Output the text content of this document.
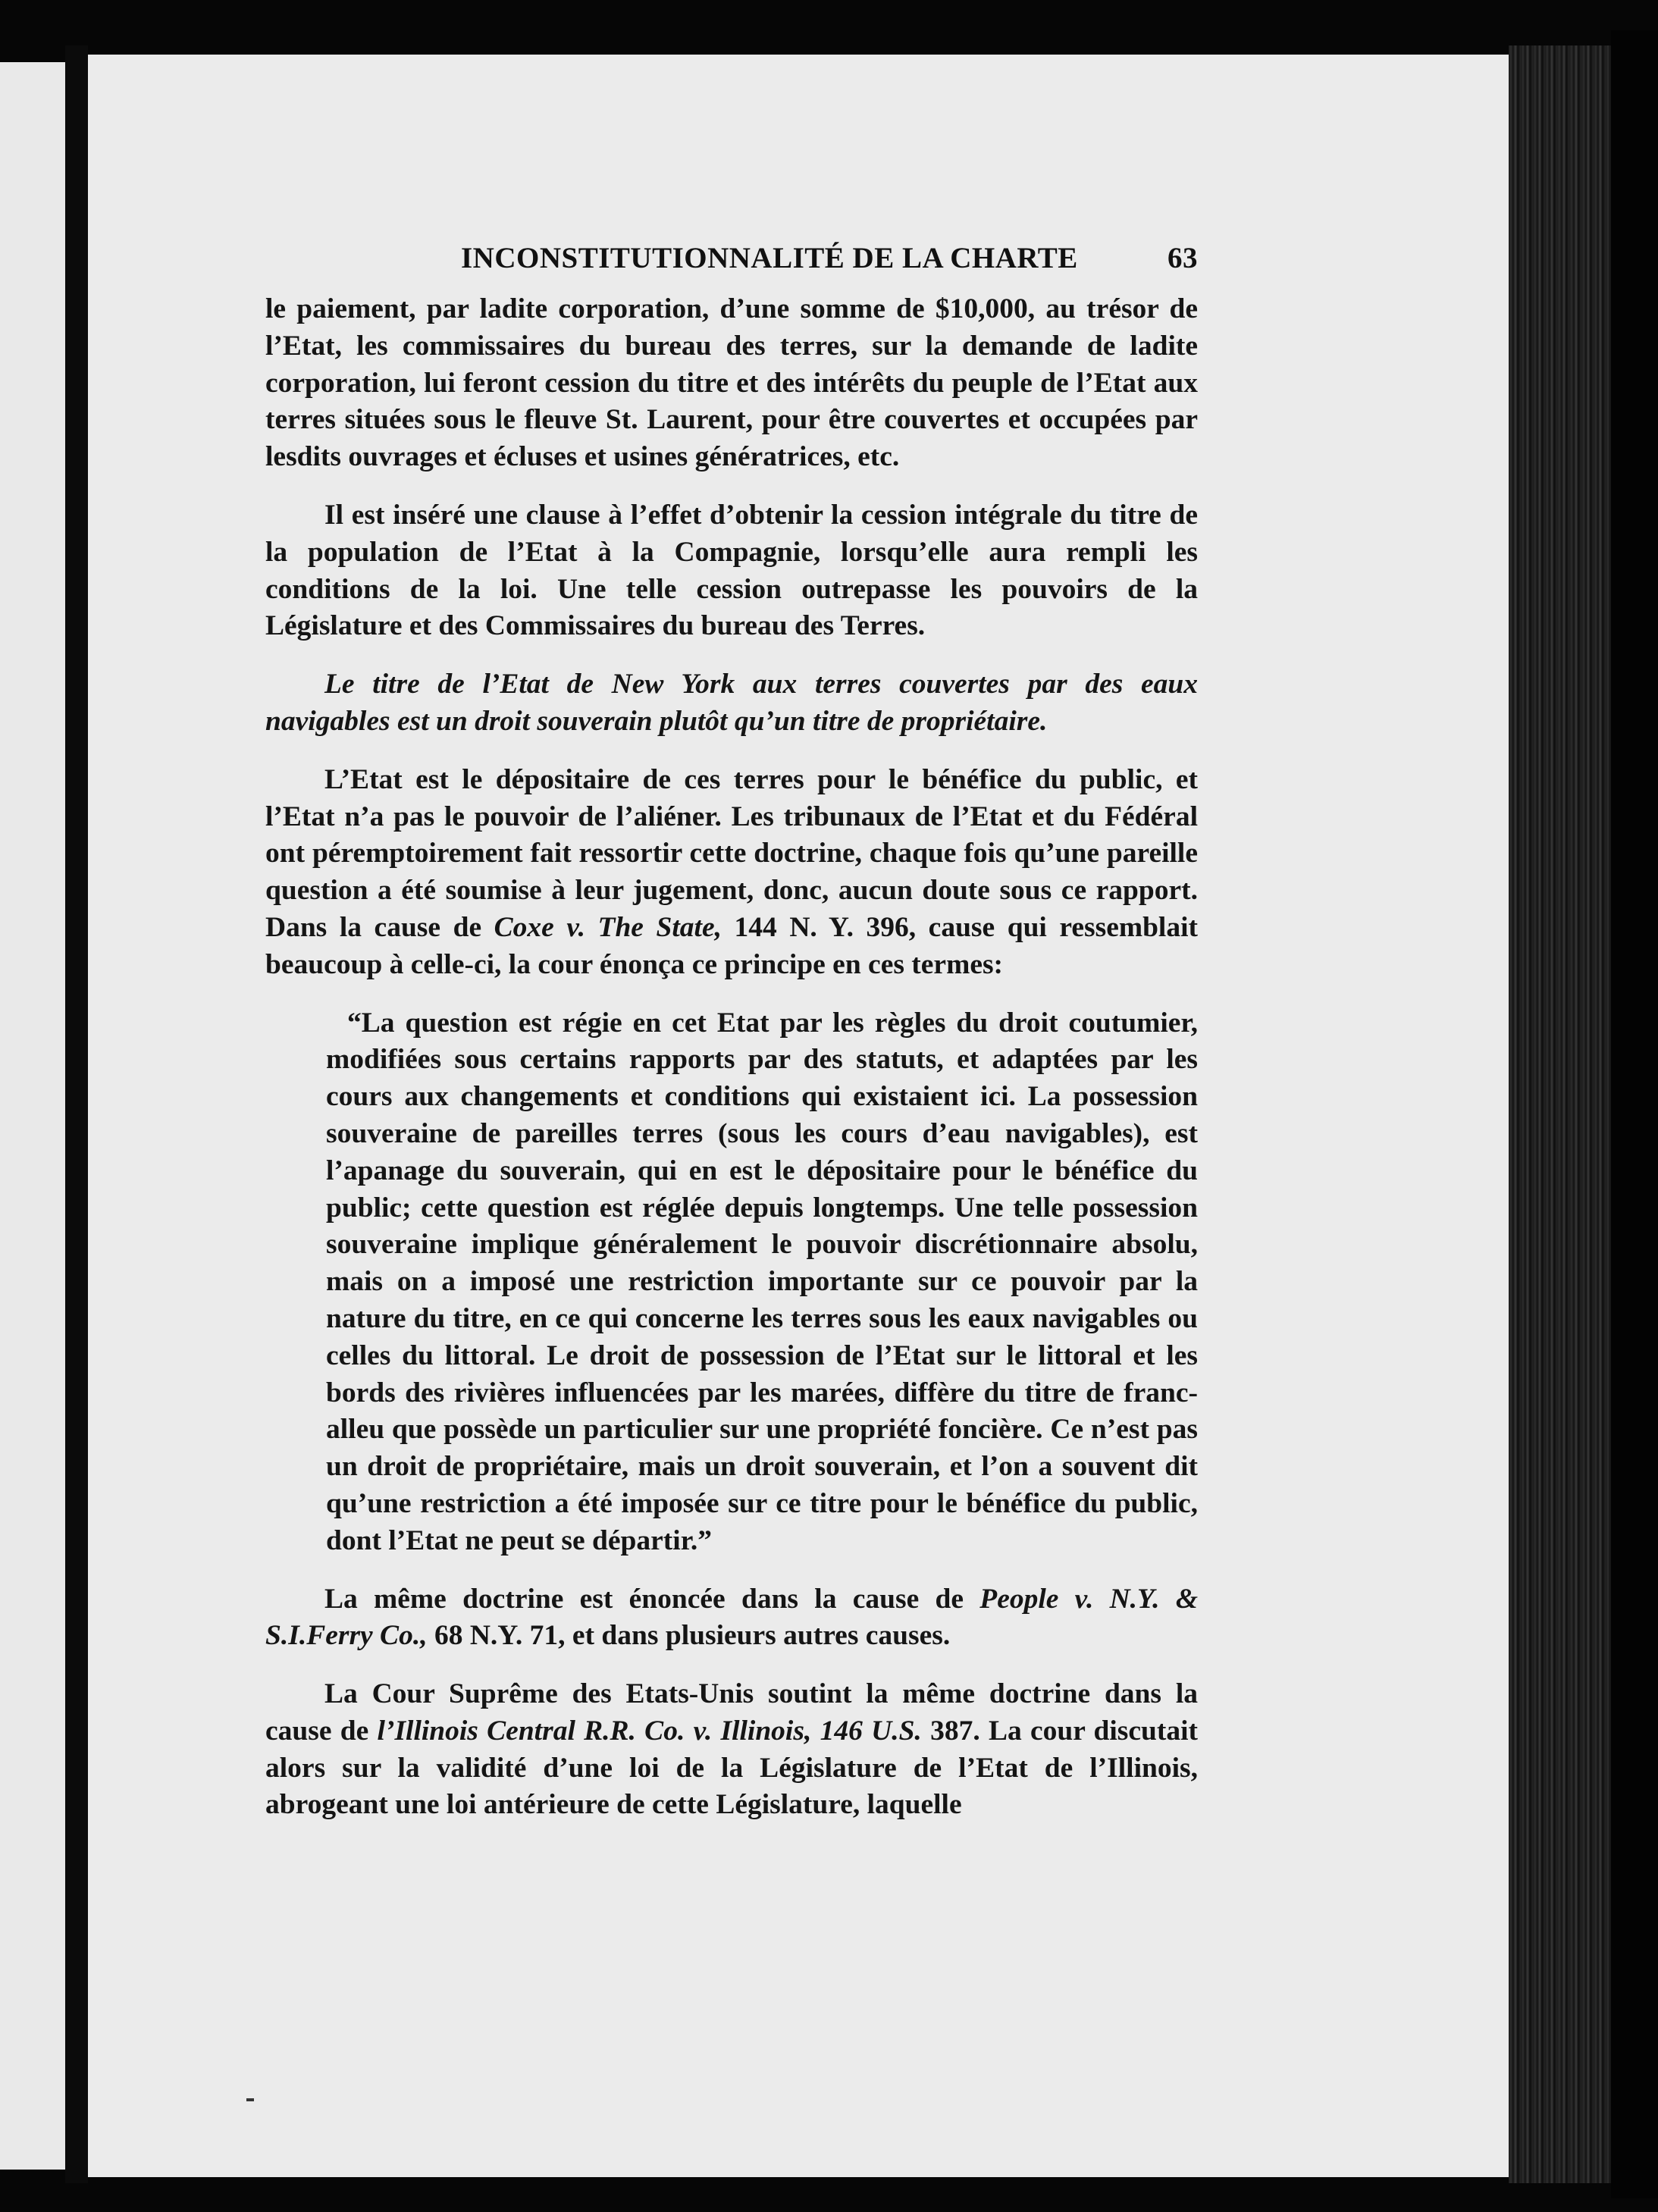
INCONSTITUTIONNALITÉ DE LA CHARTE	63

le paiement, par ladite corporation, d’une somme de $10,000, au trésor de l’Etat, les commissaires du bureau des terres, sur la demande de ladite corporation, lui feront cession du titre et des intérêts du peuple de l’Etat aux terres situées sous le fleuve St. Laurent, pour être couvertes et occupées par lesdits ouvrages et écluses et usines génératrices, etc.

Il est inséré une clause à l’effet d’obtenir la cession intégrale du titre de la population de l’Etat à la Compagnie, lorsqu’elle aura rempli les conditions de la loi. Une telle cession outrepasse les pouvoirs de la Législature et des Commissaires du bureau des Terres.

Le titre de l’Etat de New York aux terres couvertes par des eaux navigables est un droit souverain plutôt qu’un titre de propriétaire.

L’Etat est le dépositaire de ces terres pour le bénéfice du public, et l’Etat n’a pas le pouvoir de l’aliéner. Les tribunaux de l’Etat et du Fédéral ont péremptoirement fait ressortir cette doctrine, chaque fois qu’une pareille question a été soumise à leur jugement, donc, aucun doute sous ce rapport. Dans la cause de Coxe v. The State, 144 N. Y. 396, cause qui ressemblait beaucoup à celle-ci, la cour énonça ce principe en ces termes:

“La question est régie en cet Etat par les règles du droit coutumier, modifiées sous certains rapports par des statuts, et adaptées par les cours aux changements et conditions qui existaient ici. La possession souveraine de pareilles terres (sous les cours d’eau navigables), est l’apanage du souverain, qui en est le dépositaire pour le bénéfice du public; cette question est réglée depuis longtemps. Une telle possession souveraine implique généralement le pouvoir discrétionnaire absolu, mais on a imposé une restriction importante sur ce pouvoir par la nature du titre, en ce qui concerne les terres sous les eaux navigables ou celles du littoral. Le droit de possession de l’Etat sur le littoral et les bords des rivières influencées par les marées, diffère du titre de franc-alleu que possède un particulier sur une propriété foncière. Ce n’est pas un droit de propriétaire, mais un droit souverain, et l’on a souvent dit qu’une restriction a été imposée sur ce titre pour le bénéfice du public, dont l’Etat ne peut se départir.”

La même doctrine est énoncée dans la cause de People v. N.Y. & S.I.Ferry Co., 68 N.Y. 71, et dans plusieurs autres causes.

La Cour Suprême des Etats-Unis soutint la même doctrine dans la cause de l’Illinois Central R.R. Co. v. Illinois, 146 U.S. 387. La cour discutait alors sur la validité d’une loi de la Législature de l’Etat de l’Illinois, abrogeant une loi antérieure de cette Législature, laquelle
